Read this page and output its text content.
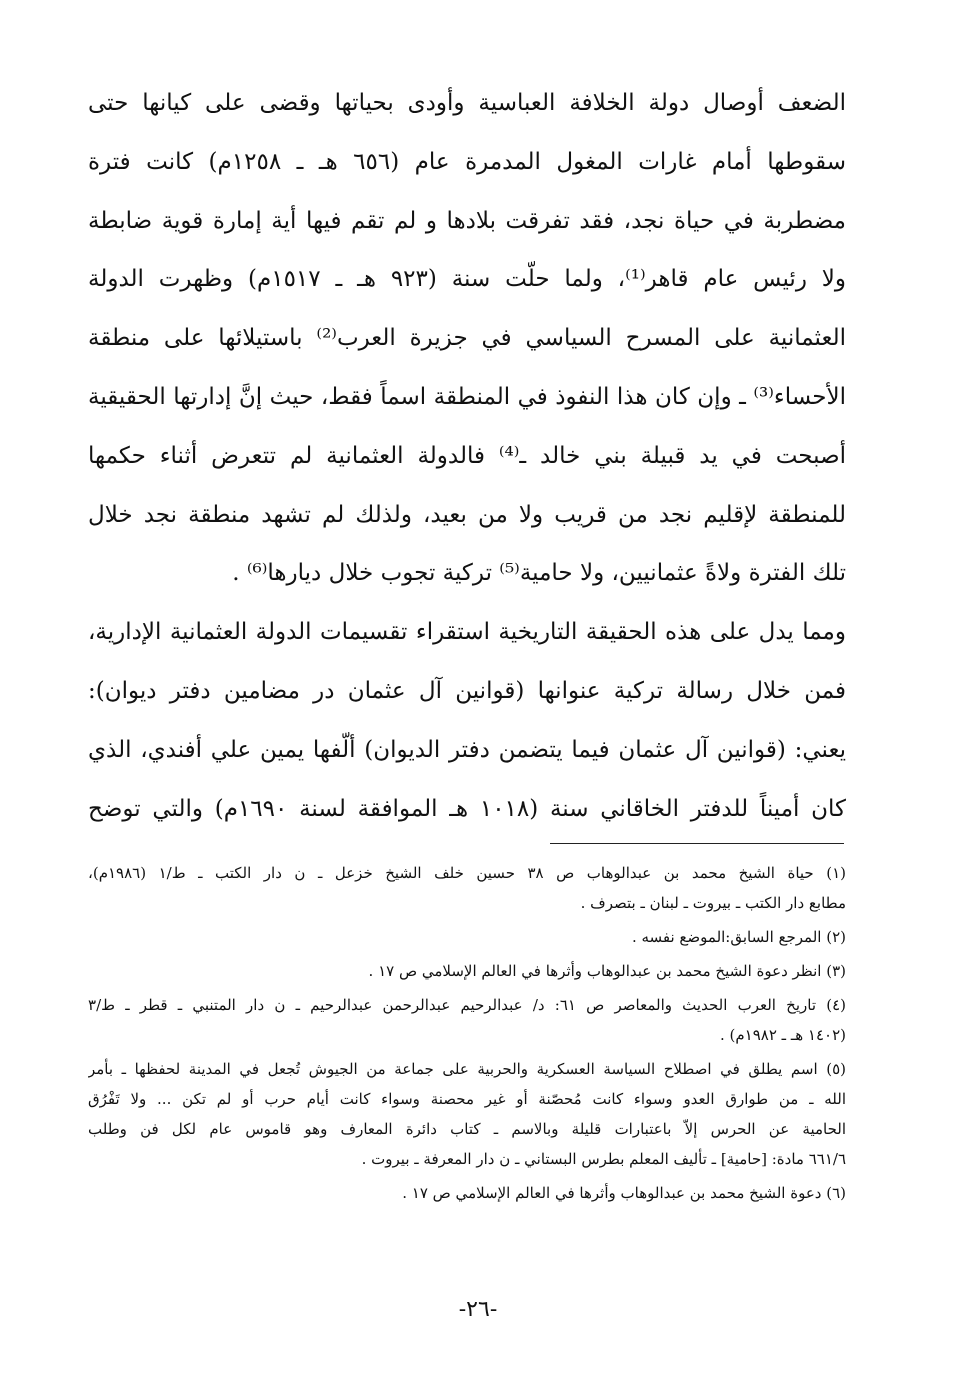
الضعف أوصال دولة الخلافة العباسية وأودى بحياتها وقضى على كيانها حتى
سقوطها أمام غارات المغول المدمرة عام (٦٥٦ هـ ـ ١٢٥٨م) كانت فترة
مضطربة في حياة نجد، فقد تفرقت بلادها و لم تقم فيها أية إمارة قوية ضابطة
ولا رئيس عام قاهر⁽¹⁾، ولما حلّت سنة (٩٢٣ هـ ـ ١٥١٧م) وظهرت الدولة
العثمانية على المسرح السياسي في جزيرة العرب⁽²⁾ باستيلائها على منطقة
الأحساء⁽³⁾ ـ وإن كان هذا النفوذ في المنطقة اسماً فقط، حيث إنَّ إدارتها الحقيقية
أصبحت في يد قبيلة بني خالد ـ⁽⁴⁾ فالدولة العثمانية لم تتعرض أثناء حكمها
للمنطقة لإقليم نجد من قريب ولا من بعيد، ولذلك لم تشهد منطقة نجد خلال
تلك الفترة ولاةً عثمانيين، ولا حامية⁽⁵⁾ تركية تجوب خلال ديارها⁽⁶⁾ .
ومما يدل على هذه الحقيقة التاريخية استقراء تقسيمات الدولة العثمانية الإدارية،
فمن خلال رسالة تركية عنوانها (قوانين آل عثمان در مضامين دفتر ديوان):
يعني: (قوانين آل عثمان فيما يتضمن دفتر الديوان) ألّفها يمين علي أفندي، الذي
كان أميناً للدفتر الخاقاني سنة (١٠١٨ هـ الموافقة لسنة ١٦٩٠م) والتي توضح
(١) حياة الشيخ محمد بن عبدالوهاب ص ٣٨ حسين خلف الشيخ خزعل ـ ن دار الكتب ـ ط/١ (١٩٨٦م)،
مطابع دار الكتب ـ بيروت ـ لبنان ـ بتصرف .
(٢) المرجع السابق:الموضع نفسه .
(٣) انظر دعوة الشيخ محمد بن عبدالوهاب وأثرها في العالم الإسلامي ص ١٧ .
(٤) تاريخ العرب الحديث والمعاصر ص ٦١: د/ عبدالرحيم عبدالرحمن عبدالرحيم ـ ن دار المتنبي ـ قطر ـ ط/٣
(١٤٠٢ هـ ـ ١٩٨٢م) .
(٥) اسم يطلق في اصطلاح السياسة العسكرية والحربية على جماعة من الجيوش تُجعل في المدينة لحفظها ـ بأمر
الله ـ من طوارق العدو وسواء كانت مُحصّنة أو غير محصنة وسواء كانت أيام حرب أو لم تكن ... ولا تَفْرُق
الحامية عن الحرس إلاّ باعتبارات قليلة وبالاسم ـ كتاب دائرة المعارف وهو قاموس عام لكل فن وطلب
٦٦١/٦ مادة: [حامية] ـ تأليف المعلم بطرس البستاني ـ ن دار المعرفة ـ بيروت .
(٦) دعوة الشيخ محمد بن عبدالوهاب وأثرها في العالم الإسلامي ص ١٧ .
-٢٦-
